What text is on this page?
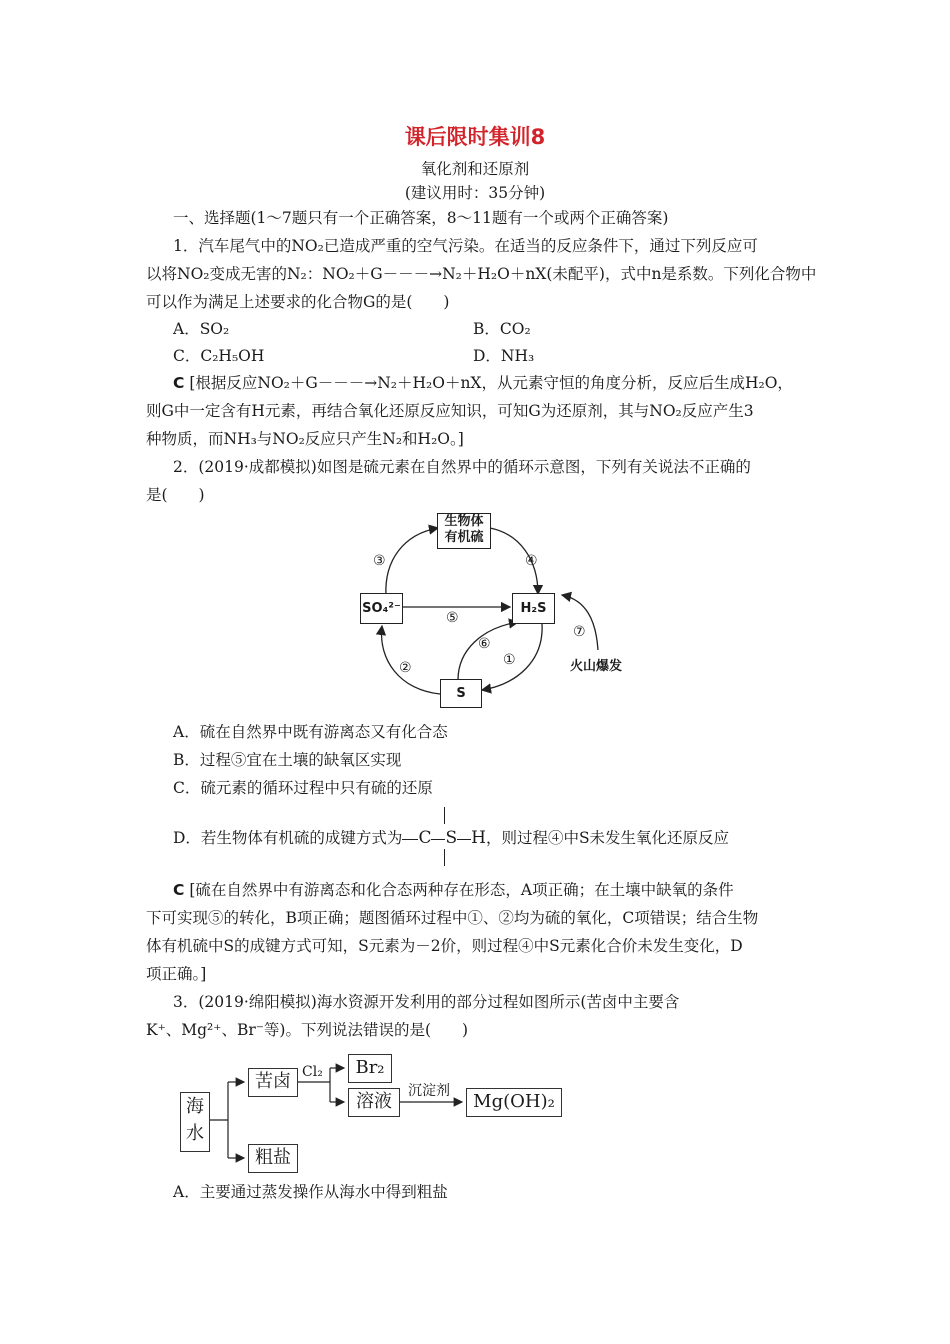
课后限时集训8
氧化剂和还原剂
(建议用时：35分钟)
一、选择题(1～7题只有一个正确答案，8～11题有一个或两个正确答案)
1．汽车尾气中的NO₂已造成严重的空气污染。在适当的反应条件下，通过下列反应可
以将NO₂变成无害的N₂：NO₂＋G－－－→N₂＋H₂O＋nX(未配平)，式中n是系数。下列化合物中
可以作为满足上述要求的化合物G的是(　　)
A．SO₂	B．CO₂
C．C₂H₅OH	D．NH₃
C [根据反应NO₂＋G－－－→N₂＋H₂O＋nX，从元素守恒的角度分析，反应后生成H₂O，
则G中一定含有H元素，再结合氧化还原反应知识，可知G为还原剂，其与NO₂反应产生3
种物质，而NH₃与NO₂反应只产生N₂和H₂O。]
2．(2019·成都模拟)如图是硫元素在自然界中的循环示意图，下列有关说法不正确的
是(　　)
生物体
有机硫
SO₄²⁻	H₂S
S
③	④
⑤
②
⑥
①
⑦
火山爆发
A．硫在自然界中既有游离态又有化合态
B．过程⑤宜在土壤的缺氧区实现
C．硫元素的循环过程中只有硫的还原
D．若生物体有机硫的成键方式为 C S H，则过程④中S未发生氧化还原反应
C [硫在自然界中有游离态和化合态两种存在形态，A项正确；在土壤中缺氧的条件
下可实现⑤的转化，B项正确；题图循环过程中①、②均为硫的氧化，C项错误；结合生物
体有机硫中S的成键方式可知，S元素为－2价，则过程④中S元素化合价未发生变化，D
项正确。]
3．(2019·绵阳模拟)海水资源开发利用的部分过程如图所示(苦卤中主要含
K⁺、Mg²⁺、Br⁻等)。下列说法错误的是(　　)
海
水
苦卤 Cl₂	Br₂
溶液	沉淀剂	Mg(OH)₂
粗盐
A．主要通过蒸发操作从海水中得到粗盐
